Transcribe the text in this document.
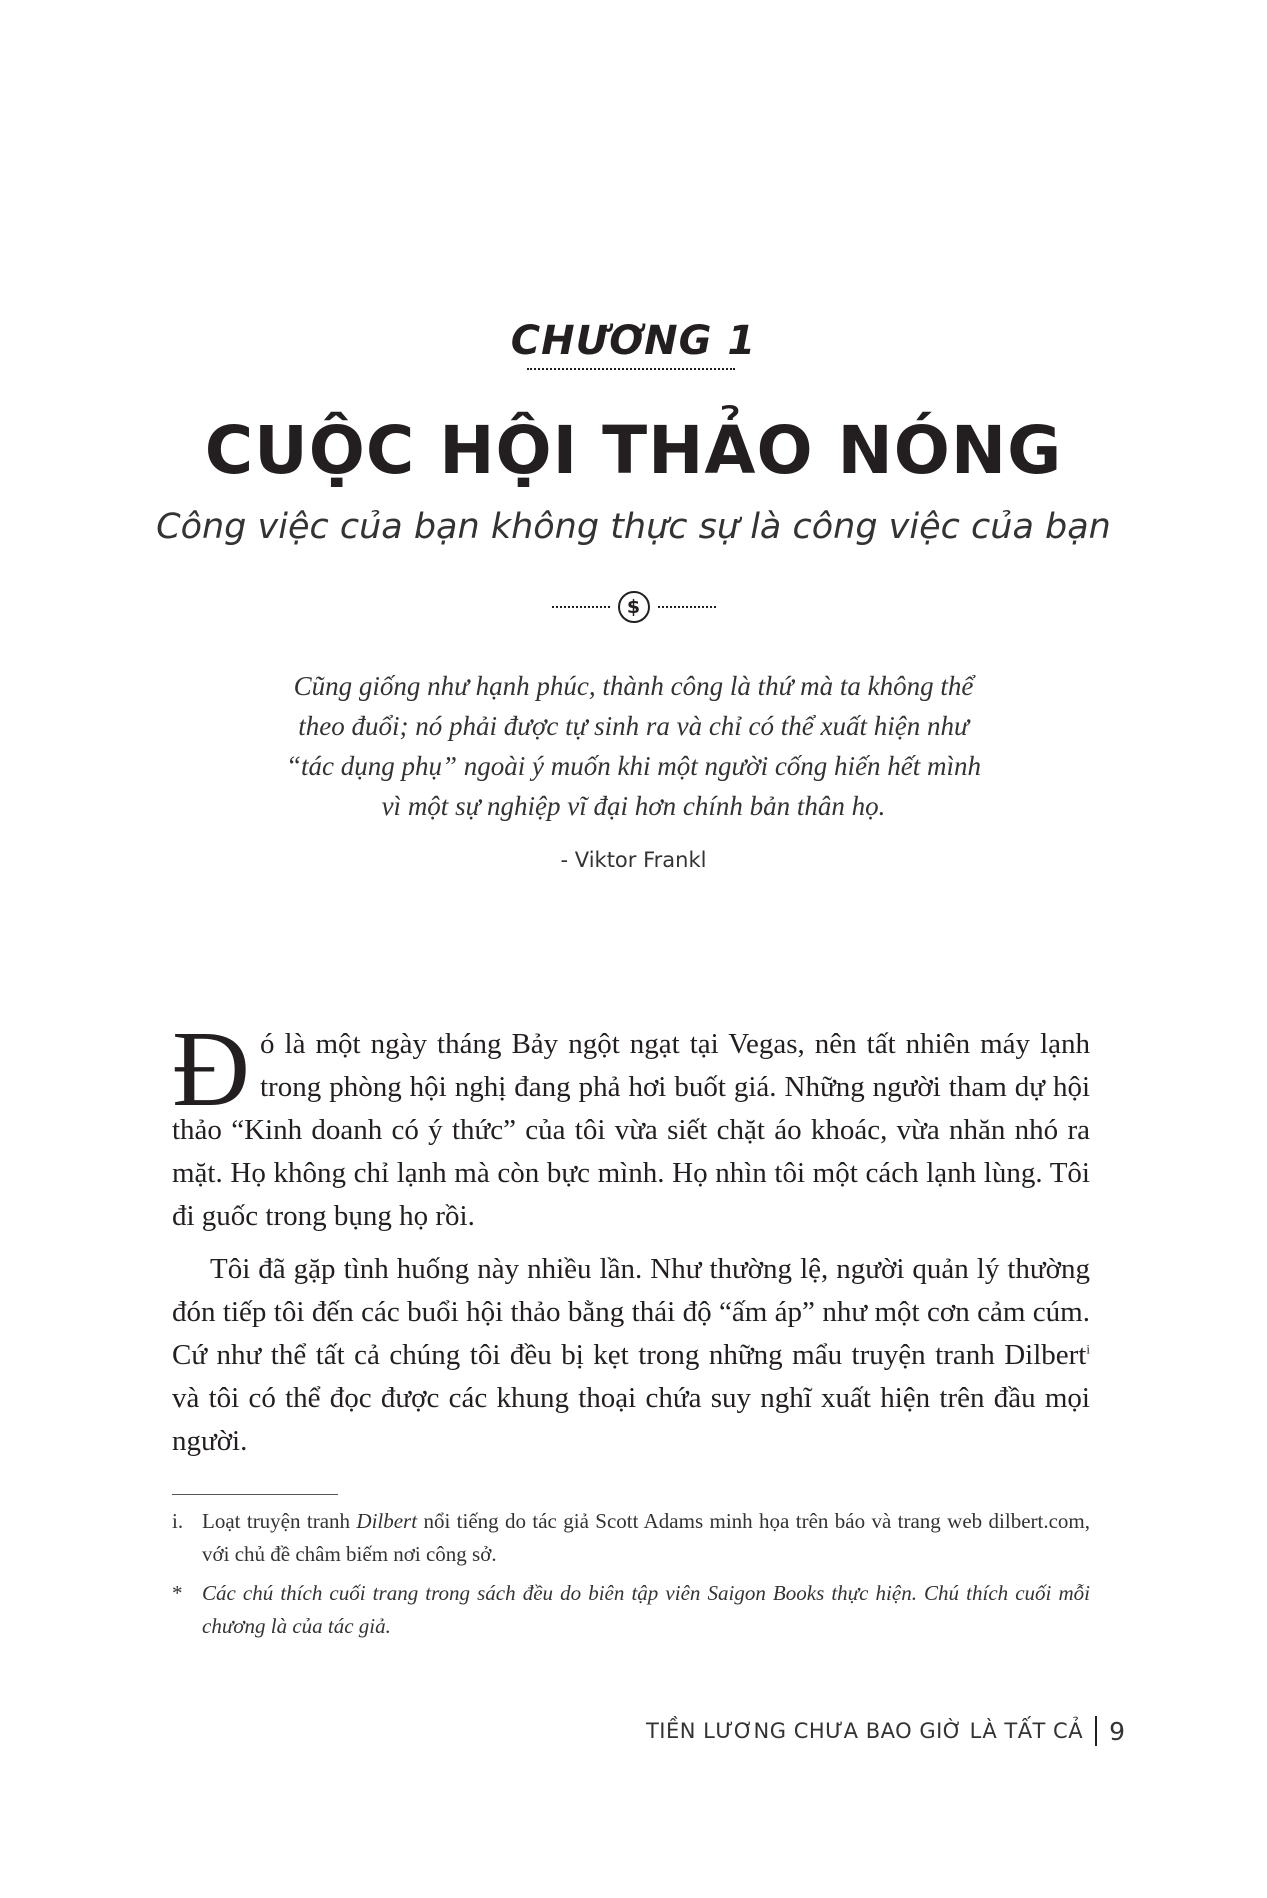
CHƯƠNG 1
CUỘC HỘI THẢO NÓNG
Công việc của bạn không thực sự là công việc của bạn
$
Cũng giống như hạnh phúc, thành công là thứ mà ta không thể
theo đuổi; nó phải được tự sinh ra và chỉ có thể xuất hiện như
“tác dụng phụ” ngoài ý muốn khi một người cống hiến hết mình
vì một sự nghiệp vĩ đại hơn chính bản thân họ.
- Viktor Frankl

Đó là một ngày tháng Bảy ngột ngạt tại Vegas, nên tất nhiên máy lạnh trong phòng hội nghị đang phả hơi buốt giá. Những người tham dự hội thảo “Kinh doanh có ý thức” của tôi vừa siết chặt áo khoác, vừa nhăn nhó ra mặt. Họ không chỉ lạnh mà còn bực mình. Họ nhìn tôi một cách lạnh lùng. Tôi đi guốc trong bụng họ rồi.

Tôi đã gặp tình huống này nhiều lần. Như thường lệ, người quản lý thường đón tiếp tôi đến các buổi hội thảo bằng thái độ “ấm áp” như một cơn cảm cúm. Cứ như thể tất cả chúng tôi đều bị kẹt trong những mẩu truyện tranh Dilbert$^i$ và tôi có thể đọc được các khung thoại chứa suy nghĩ xuất hiện trên đầu mọi người.

i. Loạt truyện tranh Dilbert nổi tiếng do tác giả Scott Adams minh họa trên báo và trang web dilbert.com, với chủ đề châm biếm nơi công sở.
* Các chú thích cuối trang trong sách đều do biên tập viên Saigon Books thực hiện. Chú thích cuối mỗi chương là của tác giả.
TIỀN LƯƠNG CHƯA BAO GIỜ LÀ TẤT CẢ 9
